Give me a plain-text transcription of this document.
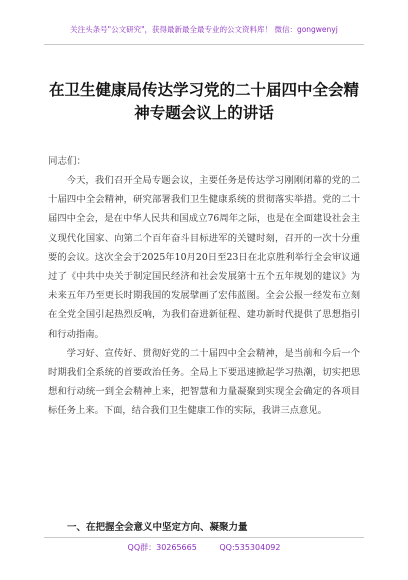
关注头条号"公文研究"，获得最新最全最专业的公文资料库！ 微信：gongwenyj
在卫生健康局传达学习党的二十届四中全会精神专题会议上的讲话
同志们：

今天，我们召开全局专题会议，主要任务是传达学习刚刚闭幕的党的二十届四中全会精神，研究部署我们卫生健康系统的贯彻落实举措。党的二十届四中全会，是在中华人民共和国成立76周年之际，也是在全面建设社会主义现代化国家、向第二个百年奋斗目标进军的关键时刻，召开的一次十分重要的会议。这次全会于2025年10月20日至23日在北京胜利举行全会审议通过了《中共中央关于制定国民经济和社会发展第十五个五年规划的建议》为未来五年乃至更长时期我国的发展擘画了宏伟蓝图。全会公报一经发布立刻在全党全国引起热烈反响，为我们奋进新征程、建功新时代提供了思想指引和行动指南。

学习好、宣传好、贯彻好党的二十届四中全会精神，是当前和今后一个时期我们全系统的首要政治任务。全局上下要迅速掀起学习热潮，切实把思想和行动统一到全会精神上来，把智慧和力量凝聚到实现全会确定的各项目标任务上来。下面，结合我们卫生健康工作的实际，我讲三点意见。

一、在把握全会意义中坚定方向、凝聚力量
QQ群：30265665	QQ:535304092
